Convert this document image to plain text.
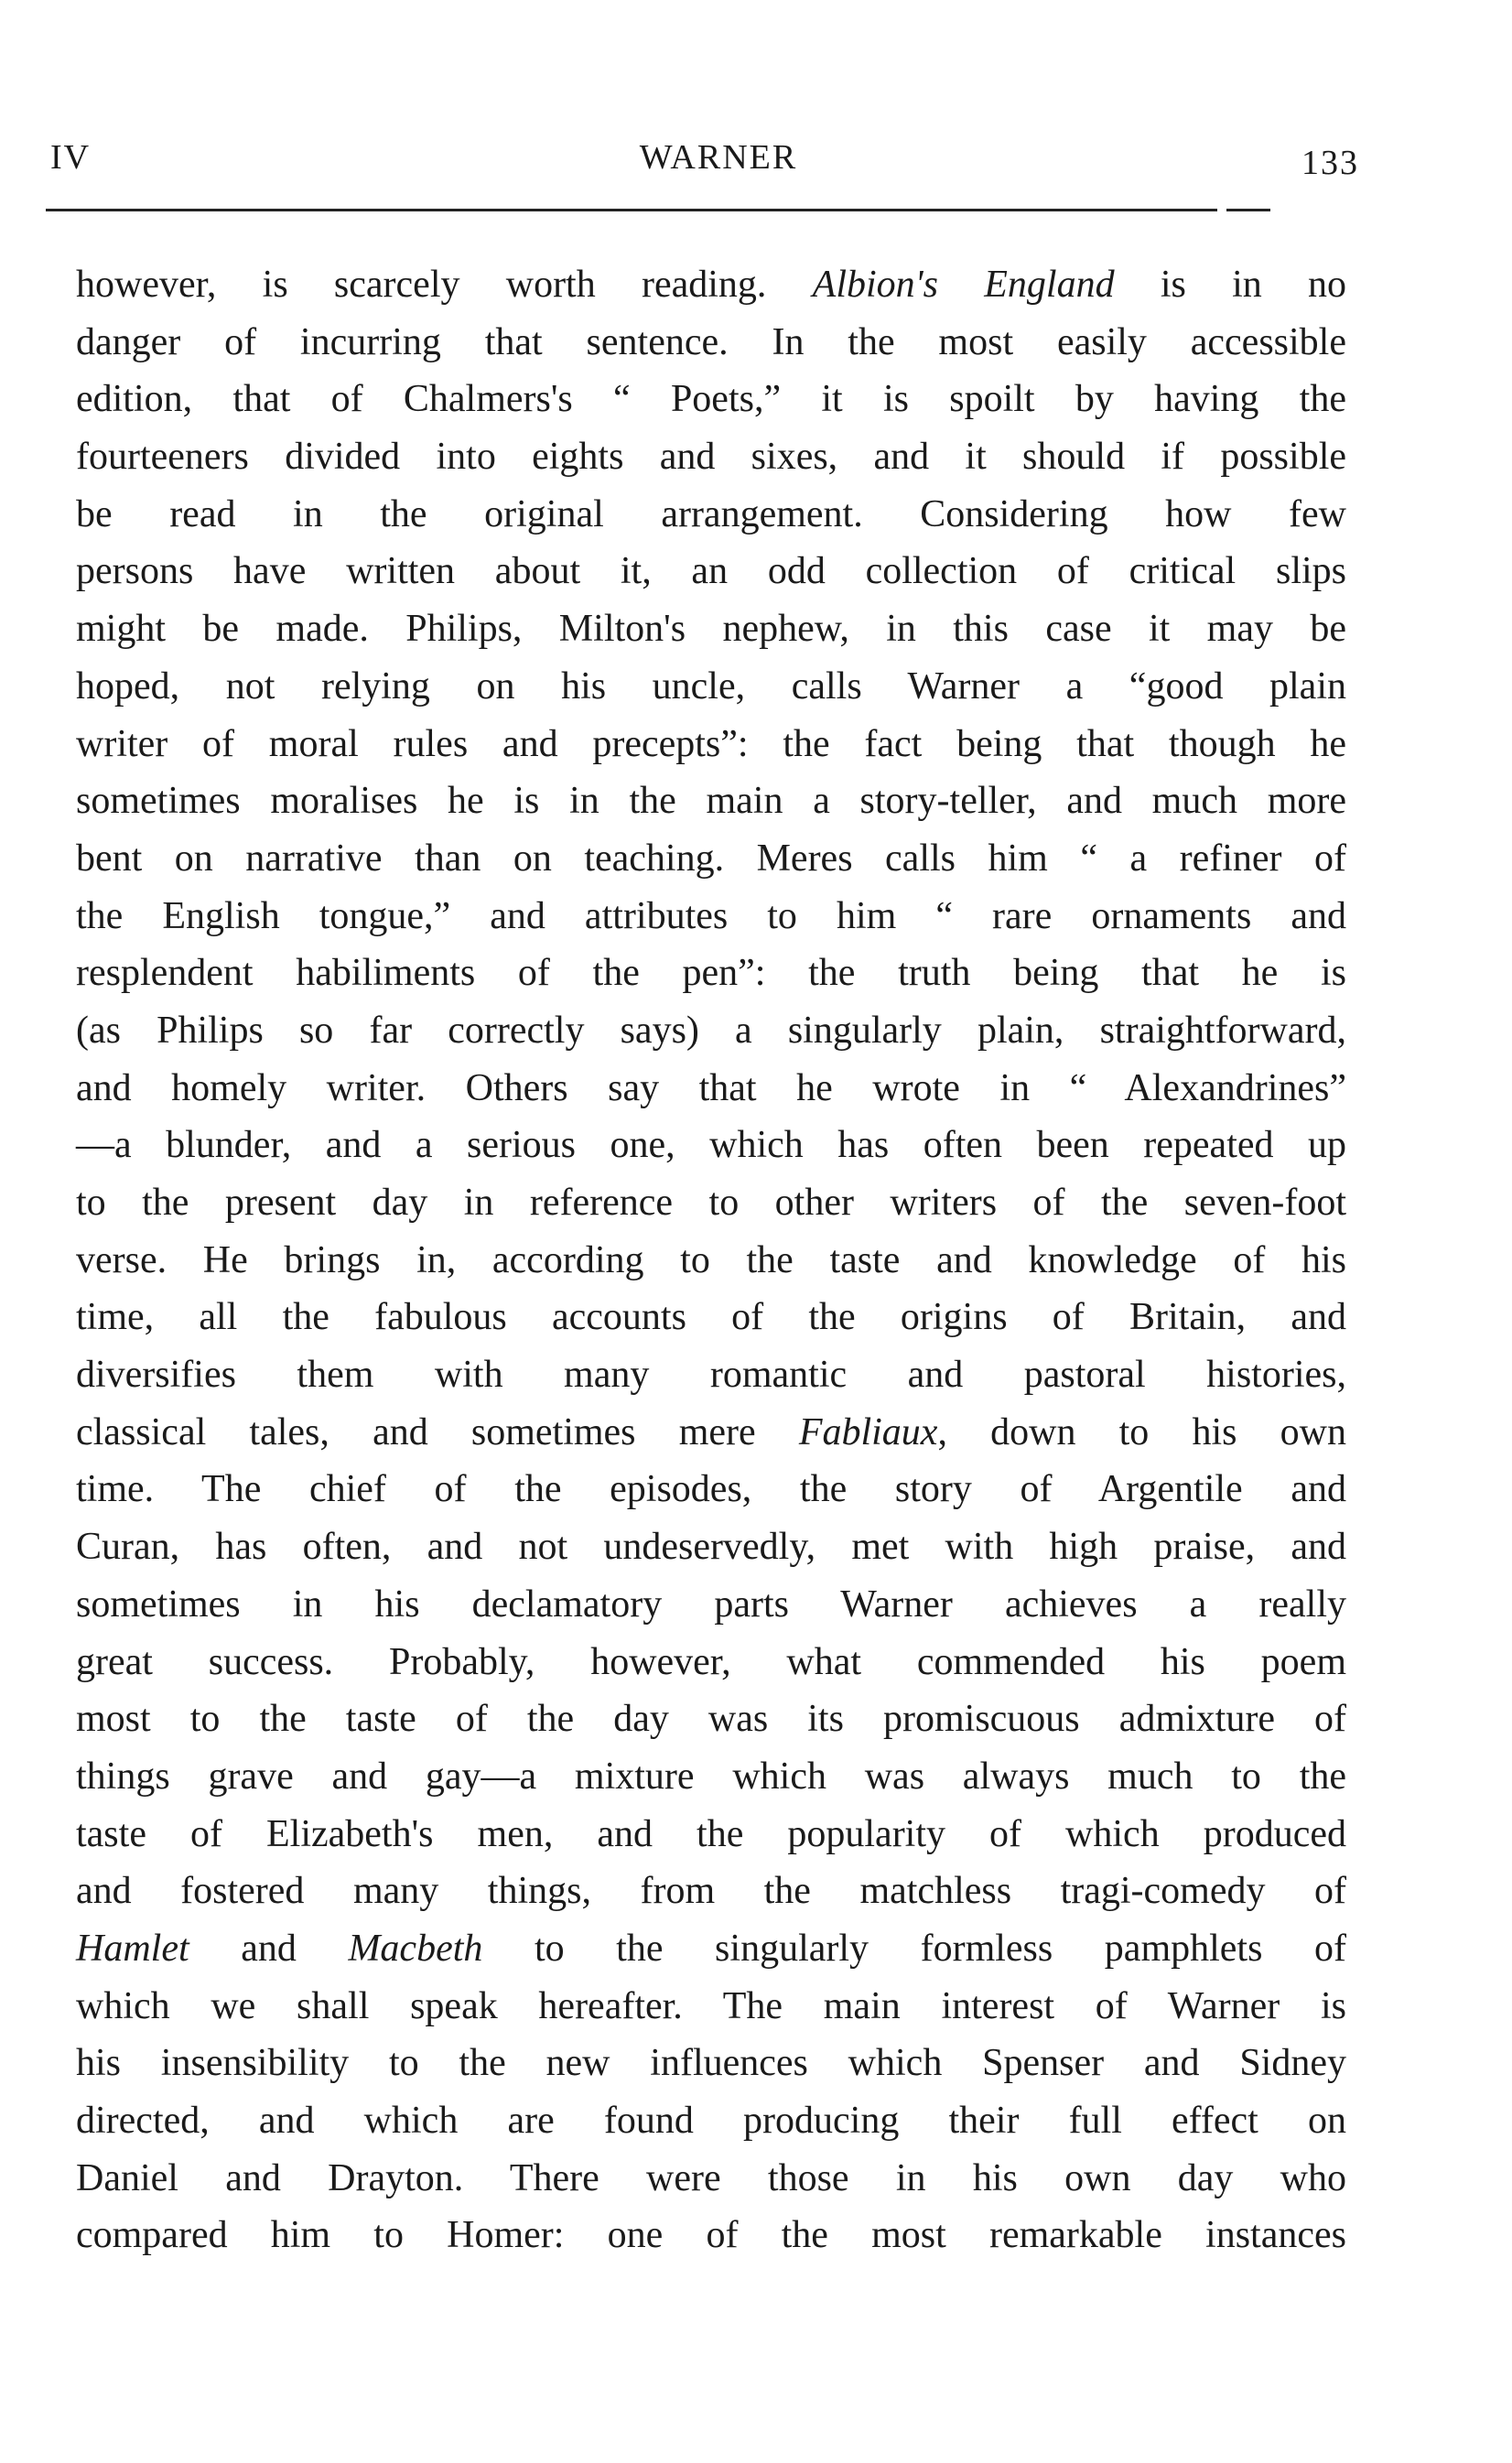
IV	WARNER	133
however, is scarcely worth reading. Albion's England is in no
danger of incurring that sentence. In the most easily accessible
edition, that of Chalmers's “ Poets,” it is spoilt by having the
fourteeners divided into eights and sixes, and it should if possible
be read in the original arrangement. Considering how few
persons have written about it, an odd collection of critical slips
might be made. Philips, Milton's nephew, in this case it may be
hoped, not relying on his uncle, calls Warner a “good plain
writer of moral rules and precepts”: the fact being that though he
sometimes moralises he is in the main a story-teller, and much more
bent on narrative than on teaching. Meres calls him “ a refiner of
the English tongue,” and attributes to him “ rare ornaments and
resplendent habiliments of the pen”: the truth being that he is
(as Philips so far correctly says) a singularly plain, straightforward,
and homely writer. Others say that he wrote in “ Alexandrines”
—a blunder, and a serious one, which has often been repeated up
to the present day in reference to other writers of the seven-foot
verse. He brings in, according to the taste and knowledge of his
time, all the fabulous accounts of the origins of Britain, and
diversifies them with many romantic and pastoral histories,
classical tales, and sometimes mere Fabliaux, down to his own
time. The chief of the episodes, the story of Argentile and
Curan, has often, and not undeservedly, met with high praise, and
sometimes in his declamatory parts Warner achieves a really
great success. Probably, however, what commended his poem
most to the taste of the day was its promiscuous admixture of
things grave and gay—a mixture which was always much to the
taste of Elizabeth's men, and the popularity of which produced
and fostered many things, from the matchless tragi-comedy of
Hamlet and Macbeth to the singularly formless pamphlets of
which we shall speak hereafter. The main interest of Warner is
his insensibility to the new influences which Spenser and Sidney
directed, and which are found producing their full effect on
Daniel and Drayton. There were those in his own day who
compared him to Homer: one of the most remarkable instances
